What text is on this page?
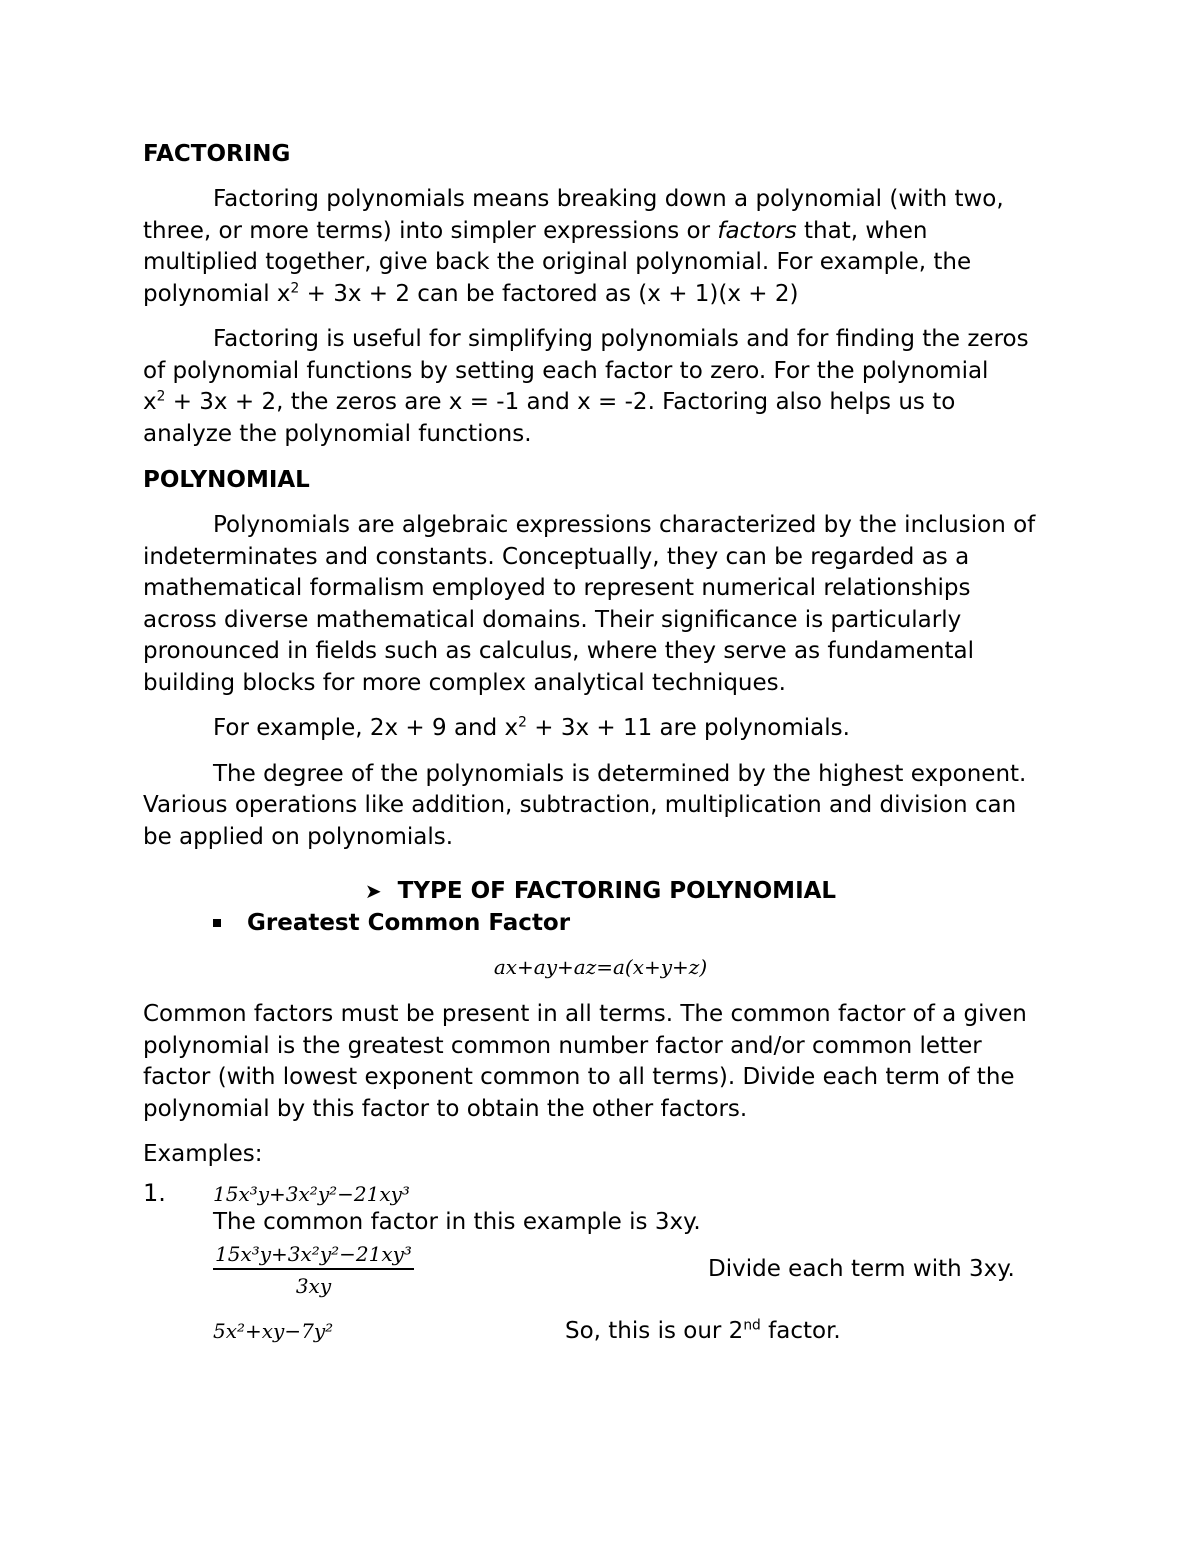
FACTORING

Factoring polynomials means breaking down a polynomial (with two,

three, or more terms) into simpler expressions or factors that, when

multiplied together, give back the original polynomial. For example, the

polynomial $x^2 + 3x + 2$ can be factored as (x + 1)(x + 2)

Factoring is useful for simplifying polynomials and for finding the zeros

of polynomial functions by setting each factor to zero. For the polynomial

$x^2 + 3x + 2$, the zeros are x = -1 and x = -2. Factoring also helps us to

analyze the polynomial functions.

POLYNOMIAL

Polynomials are algebraic expressions characterized by the inclusion of

indeterminates and constants. Conceptually, they can be regarded as a

mathematical formalism employed to represent numerical relationships

across diverse mathematical domains. Their significance is particularly

pronounced in fields such as calculus, where they serve as fundamental

building blocks for more complex analytical techniques.

For example, 2x + 9 and $x^2 + 3x + 11$ are polynomials.

The degree of the polynomials is determined by the highest exponent.

Various operations like addition, subtraction, multiplication and division can

be applied on polynomials.

➤ TYPE OF FACTORING POLYNOMIAL
Greatest Common Factor
ax+ay+az=a(x+y+z)

Common factors must be present in all terms. The common factor of a given

polynomial is the greatest common number factor and/or common letter

factor (with lowest exponent common to all terms). Divide each term of the

polynomial by this factor to obtain the other factors.

Examples:

1.	15x³y+3x²y²−21xy³

The common factor in this example is 3xy.

$\frac{\text{15x³y+3x²y²−21xy³}}{3xy}$	Divide each term with 3xy.
5x²+xy−7y²	So, this is our 2nd factor.
